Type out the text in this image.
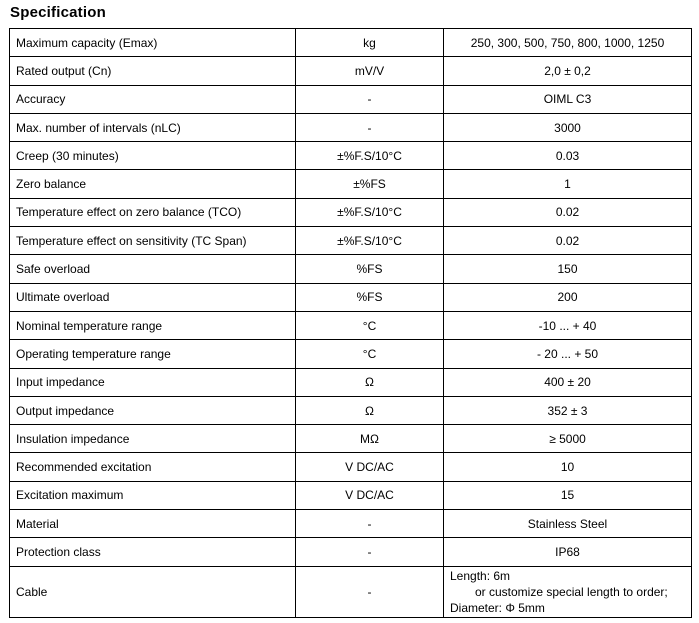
Specification
Maximum capacity (Emax)	kg	250, 300, 500, 750, 800, 1000, 1250
Rated output (Cn)	mV/V	2,0 ± 0,2
Accuracy	-	OIML C3
Max. number of intervals (nLC)	-	3000
Creep (30 minutes)	±%F.S/10°C	0.03
Zero balance	±%FS	1
Temperature effect on zero balance (TCO)	±%F.S/10°C	0.02
Temperature effect on sensitivity (TC Span)	±%F.S/10°C	0.02
Safe overload	%FS	150
Ultimate overload	%FS	200
Nominal temperature range	°C	-10 ... + 40
Operating temperature range	°C	- 20 ... + 50
Input impedance	Ω	400 ± 20
Output impedance	Ω	352 ± 3
Insulation impedance	MΩ	≥ 5000
Recommended excitation	V DC/AC	10
Excitation maximum	V DC/AC	15
Material	-	Stainless Steel
Protection class	-	IP68
Cable	-	Length: 6m

or customize special length to order;
Diameter: Φ 5mm
